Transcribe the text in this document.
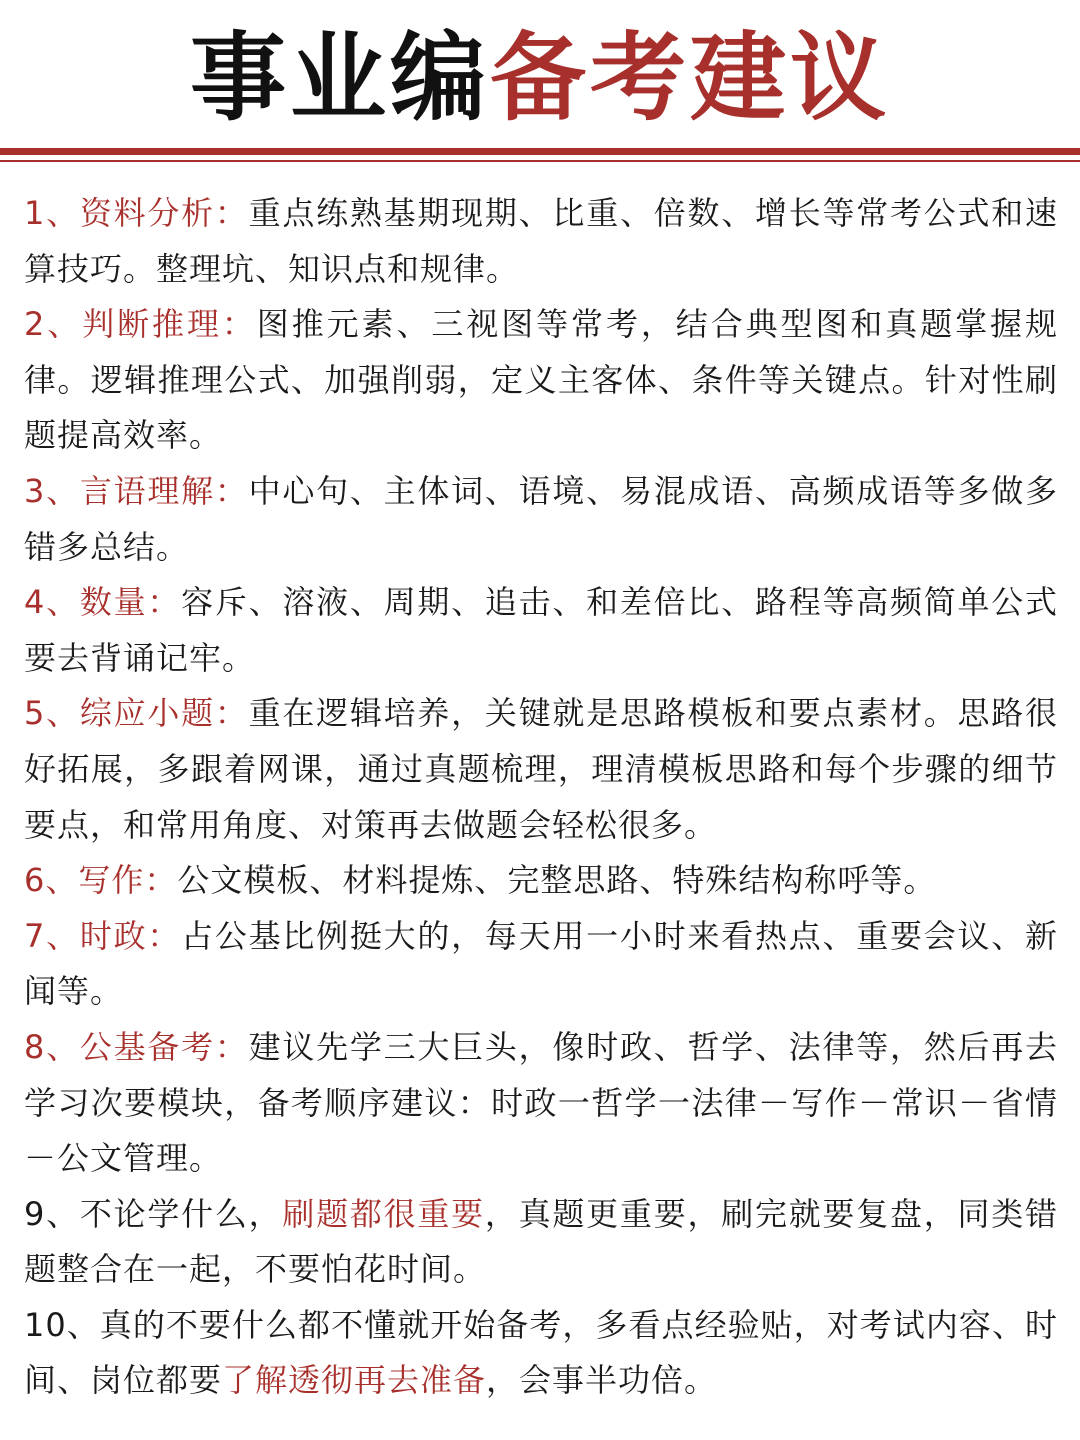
事业编备考建议

1、资料分析：重点练熟基期现期、比重、倍数、增长等常考公式和速算技巧。整理坑、知识点和规律。

2、判断推理：图推元素、三视图等常考，结合典型图和真题掌握规律。逻辑推理公式、加强削弱，定义主客体、条件等关键点。针对性刷题提高效率。

3、言语理解：中心句、主体词、语境、易混成语、高频成语等多做多错多总结。

4、数量：容斥、溶液、周期、追击、和差倍比、路程等高频简单公式要去背诵记牢。

5、综应小题：重在逻辑培养，关键就是思路模板和要点素材。思路很好拓展，多跟着网课，通过真题梳理，理清模板思路和每个步骤的细节要点，和常用角度、对策再去做题会轻松很多。

6、写作：公文模板、材料提炼、完整思路、特殊结构称呼等。

7、时政：占公基比例挺大的，每天用一小时来看热点、重要会议、新闻等。

8、公基备考：建议先学三大巨头，像时政、哲学、法律等，然后再去学习次要模块，备考顺序建议：时政一哲学一法律－写作－常识－省情－公文管理。

9、不论学什么，刷题都很重要，真题更重要，刷完就要复盘，同类错题整合在一起，不要怕花时间。

10、真的不要什么都不懂就开始备考，多看点经验贴，对考试内容、时间、岗位都要了解透彻再去准备，会事半功倍。
